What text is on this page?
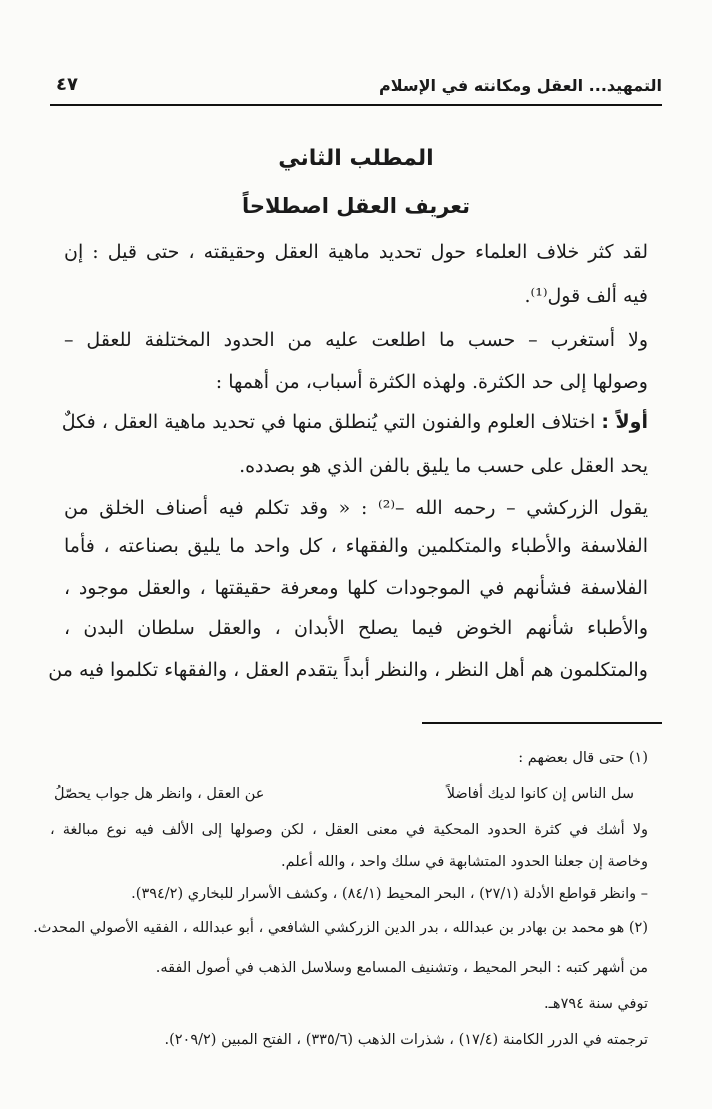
التمهيد... العقل ومكانته في الإسلام
٤٧
المطلب الثاني
تعريف العقل اصطلاحاً
لقد كثر خلاف العلماء حول تحديد ماهية العقل وحقيقته ، حتى قيل : إن
فيه ألف قول⁽¹⁾.
ولا أستغرب – حسب ما اطلعت عليه من الحدود المختلفة للعقل –
وصولها إلى حد الكثرة. ولهذه الكثرة أسباب، من أهمها :
أولاً : اختلاف العلوم والفنون التي يُنطلق منها في تحديد ماهية العقل ، فكلٌ
يحد العقل على حسب ما يليق بالفن الذي هو بصدده.
يقول الزركشي – رحمه الله –⁽²⁾ : « وقد تكلم فيه أصناف الخلق من
الفلاسفة والأطباء والمتكلمين والفقهاء ، كل واحد ما يليق بصناعته ، فأما
الفلاسفة فشأنهم في الموجودات كلها ومعرفة حقيقتها ، والعقل موجود ،
والأطباء شأنهم الخوض فيما يصلح الأبدان ، والعقل سلطان البدن ،
والمتكلمون هم أهل النظر ، والنظر أبداً يتقدم العقل ، والفقهاء تكلموا فيه من
(١) حتى قال بعضهم :
سل الناس إن كانوا لديك أفاضلاً
عن العقل ، وانظر هل جواب يحصّلُ
ولا أشك في كثرة الحدود المحكية في معنى العقل ، لكن وصولها إلى الألف فيه نوع مبالغة ،
وخاصة إن جعلنا الحدود المتشابهة في سلك واحد ، والله أعلم.
– وانظر قواطع الأدلة (٢٧/١) ، البحر المحيط (٨٤/١) ، وكشف الأسرار للبخاري (٣٩٤/٢).
(٢) هو محمد بن بهادر بن عبدالله ، بدر الدين الزركشي الشافعي ، أبو عبدالله ، الفقيه الأصولي المحدث.
من أشهر كتبه : البحر المحيط ، وتشنيف المسامع وسلاسل الذهب في أصول الفقه.
توفي سنة ٧٩٤هـ.
ترجمته في الدرر الكامنة (١٧/٤) ، شذرات الذهب (٣٣٥/٦) ، الفتح المبين (٢٠٩/٢).
